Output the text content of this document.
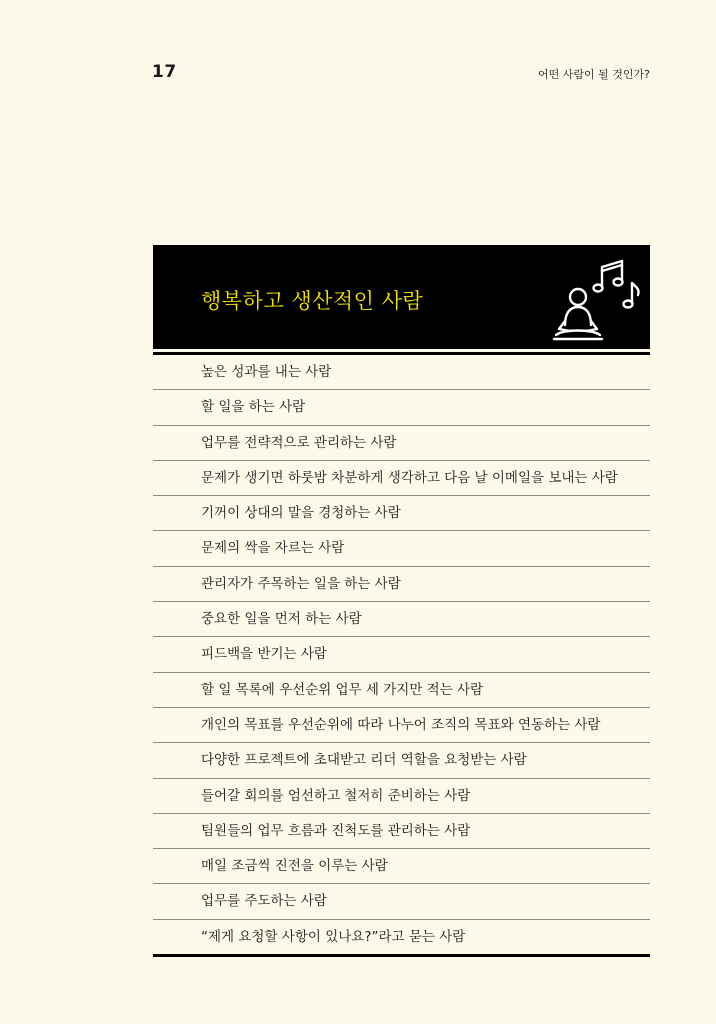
17	어떤 사람이 될 것인가?
행복하고 생산적인 사람
높은 성과를 내는 사람
할 일을 하는 사람
업무를 전략적으로 관리하는 사람
문제가 생기면 하룻밤 차분하게 생각하고 다음 날 이메일을 보내는 사람
기꺼이 상대의 말을 경청하는 사람
문제의 싹을 자르는 사람
관리자가 주목하는 일을 하는 사람
중요한 일을 먼저 하는 사람
피드백을 반기는 사람
할 일 목록에 우선순위 업무 세 가지만 적는 사람
개인의 목표를 우선순위에 따라 나누어 조직의 목표와 연동하는 사람
다양한 프로젝트에 초대받고 리더 역할을 요청받는 사람
들어갈 회의를 엄선하고 철저히 준비하는 사람
팀원들의 업무 흐름과 진척도를 관리하는 사람
매일 조금씩 진전을 이루는 사람
업무를 주도하는 사람
“제게 요청할 사항이 있나요?”라고 묻는 사람
